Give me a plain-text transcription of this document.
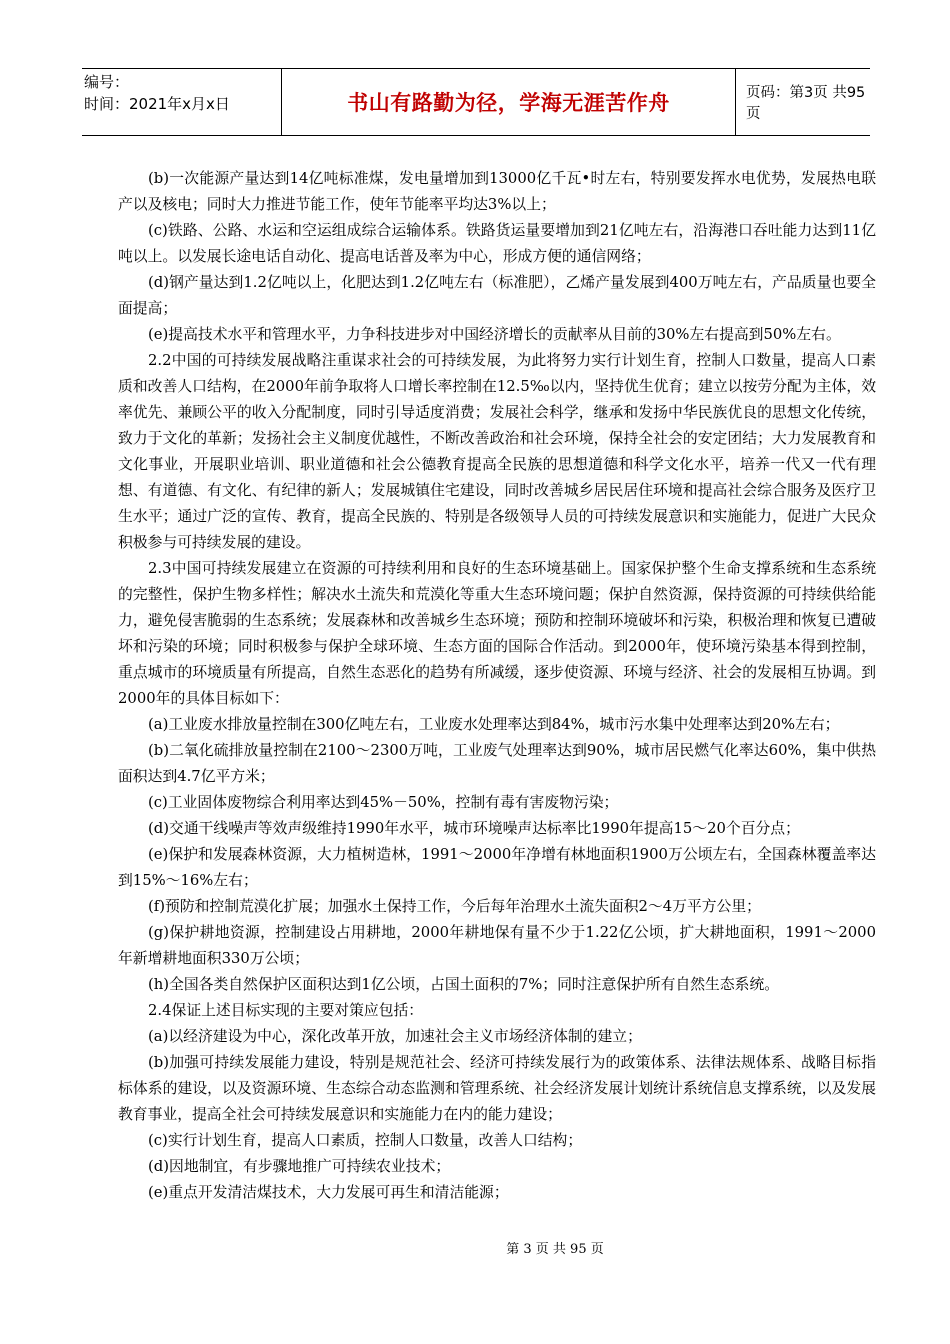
编号：
时间：2021年x月x日	书山有路勤为径，学海无涯苦作舟	页码：第3页 共95页

(b)一次能源产量达到14亿吨标准煤，发电量增加到13000亿千瓦•时左右，特别要发挥水电优势，发展热电联产以及核电；同时大力推进节能工作，使年节能率平均达3%以上；

(c)铁路、公路、水运和空运组成综合运输体系。铁路货运量要增加到21亿吨左右，沿海港口吞吐能力达到11亿吨以上。以发展长途电话自动化、提高电话普及率为中心，形成方便的通信网络；

(d)钢产量达到1.2亿吨以上，化肥达到1.2亿吨左右（标准肥），乙烯产量发展到400万吨左右，产品质量也要全面提高；

(e)提高技术水平和管理水平，力争科技进步对中国经济增长的贡献率从目前的30%左右提高到50%左右。

2.2中国的可持续发展战略注重谋求社会的可持续发展，为此将努力实行计划生育，控制人口数量，提高人口素质和改善人口结构，在2000年前争取将人口增长率控制在12.5‰以内，坚持优生优育；建立以按劳分配为主体，效率优先、兼顾公平的收入分配制度，同时引导适度消费；发展社会科学，继承和发扬中华民族优良的思想文化传统，致力于文化的革新；发扬社会主义制度优越性，不断改善政治和社会环境，保持全社会的安定团结；大力发展教育和文化事业，开展职业培训、职业道德和社会公德教育提高全民族的思想道德和科学文化水平，培养一代又一代有理想、有道德、有文化、有纪律的新人；发展城镇住宅建设，同时改善城乡居民居住环境和提高社会综合服务及医疗卫生水平；通过广泛的宣传、教育，提高全民族的、特别是各级领导人员的可持续发展意识和实施能力，促进广大民众积极参与可持续发展的建设。

2.3中国可持续发展建立在资源的可持续利用和良好的生态环境基础上。国家保护整个生命支撑系统和生态系统的完整性，保护生物多样性；解决水土流失和荒漠化等重大生态环境问题；保护自然资源，保持资源的可持续供给能力，避免侵害脆弱的生态系统；发展森林和改善城乡生态环境；预防和控制环境破坏和污染，积极治理和恢复已遭破坏和污染的环境；同时积极参与保护全球环境、生态方面的国际合作活动。到2000年，使环境污染基本得到控制，重点城市的环境质量有所提高，自然生态恶化的趋势有所减缓，逐步使资源、环境与经济、社会的发展相互协调。到2000年的具体目标如下：

(a)工业废水排放量控制在300亿吨左右，工业废水处理率达到84%，城市污水集中处理率达到20%左右；

(b)二氧化硫排放量控制在2100～2300万吨，工业废气处理率达到90%，城市居民燃气化率达60%，集中供热面积达到4.7亿平方米；

(c)工业固体废物综合利用率达到45%－50%，控制有毒有害废物污染；

(d)交通干线噪声等效声级维持1990年水平，城市环境噪声达标率比1990年提高15～20个百分点；

(e)保护和发展森林资源，大力植树造林，1991～2000年净增有林地面积1900万公顷左右，全国森林覆盖率达到15%～16%左右；

(f)预防和控制荒漠化扩展；加强水土保持工作，今后每年治理水土流失面积2～4万平方公里；

(g)保护耕地资源，控制建设占用耕地，2000年耕地保有量不少于1.22亿公顷，扩大耕地面积，1991～2000年新增耕地面积330万公顷；

(h)全国各类自然保护区面积达到1亿公顷，占国土面积的7%；同时注意保护所有自然生态系统。

2.4保证上述目标实现的主要对策应包括：

(a)以经济建设为中心，深化改革开放，加速社会主义市场经济体制的建立；

(b)加强可持续发展能力建设，特别是规范社会、经济可持续发展行为的政策体系、法律法规体系、战略目标指标体系的建设，以及资源环境、生态综合动态监测和管理系统、社会经济发展计划统计系统信息支撑系统，以及发展教育事业，提高全社会可持续发展意识和实施能力在内的能力建设；

(c)实行计划生育，提高人口素质，控制人口数量，改善人口结构；

(d)因地制宜，有步骤地推广可持续农业技术；

(e)重点开发清洁煤技术，大力发展可再生和清洁能源；

第 3 页 共 95 页
